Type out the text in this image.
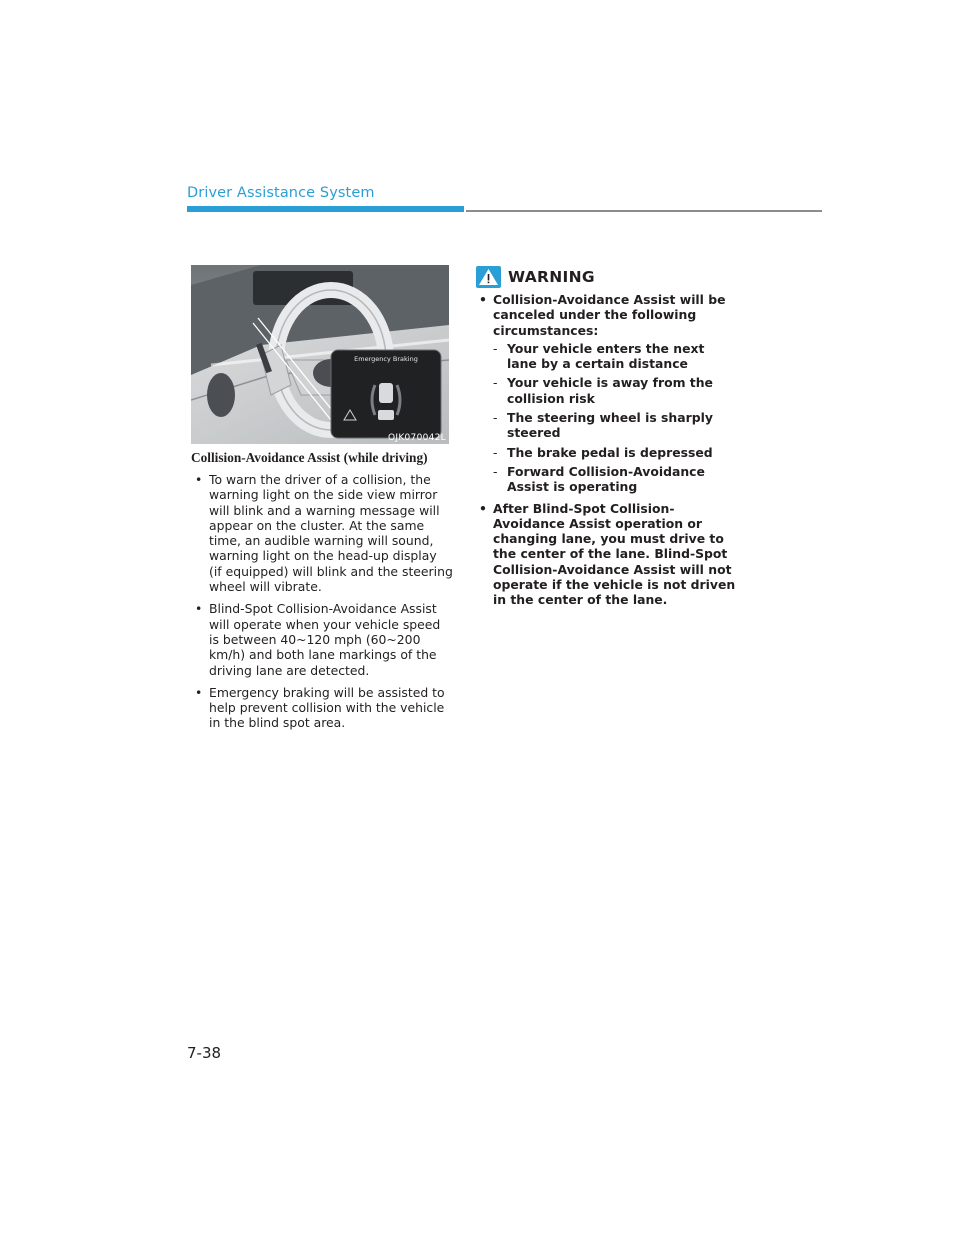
Driver Assistance System
Emergency Braking
OJK070042L
Collision-Avoidance Assist (while driving)
• To warn the driver of a collision, the warning light on the side view mirror will blink and a warning message will appear on the cluster. At the same time, an audible warning will sound, warning light on the head-up display (if equipped) will blink and the steering wheel will vibrate.
• Blind-Spot Collision-Avoidance Assist will operate when your vehicle speed is between 40~120 mph (60~200 km/h) and both lane markings of the driving lane are detected.
• Emergency braking will be assisted to help prevent collision with the vehicle in the blind spot area.
WARNING
• Collision-Avoidance Assist will be canceled under the following circumstances:
- Your vehicle enters the next lane by a certain distance
- Your vehicle is away from the collision risk
- The steering wheel is sharply steered
- The brake pedal is depressed
- Forward Collision-Avoidance Assist is operating
• After Blind-Spot Collision-Avoidance Assist operation or changing lane, you must drive to the center of the lane. Blind-Spot Collision-Avoidance Assist will not operate if the vehicle is not driven in the center of the lane.
7-38
